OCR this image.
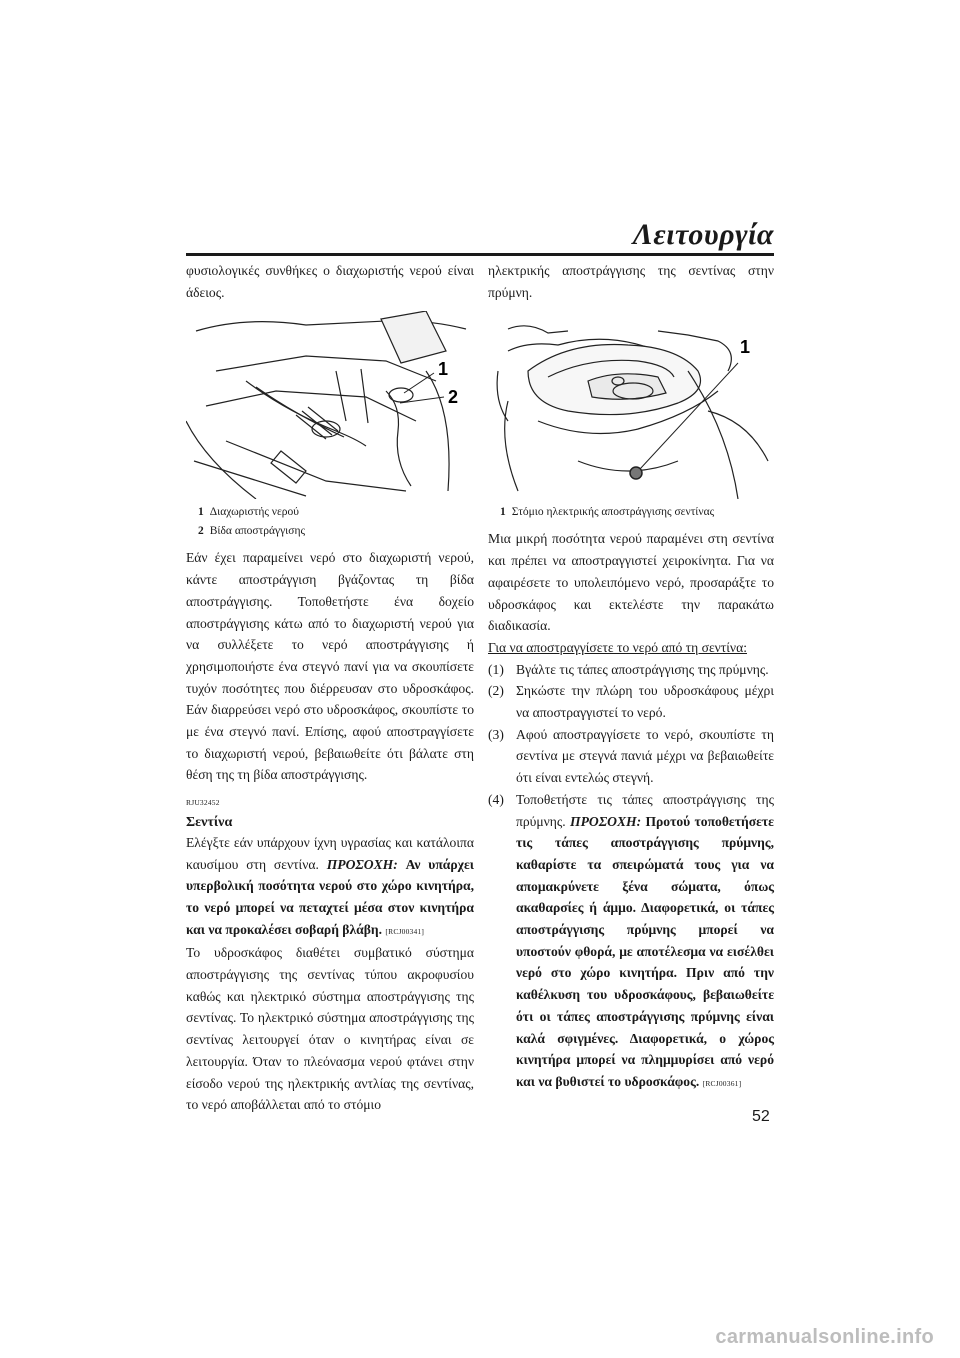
Λειτουργία

φυσιολογικές συνθήκες ο διαχωριστής νερού είναι άδειος.

1
2
1 Διαχωριστής νερού
2 Βίδα αποστράγγισης

Εάν έχει παραμείνει νερό στο διαχωριστή νερού, κάντε αποστράγγιση βγάζοντας τη βίδα αποστράγγισης. Τοποθετήστε ένα δοχείο αποστράγγισης κάτω από το διαχωριστή νερού για να συλλέξετε το νερό αποστράγγισης ή χρησιμοποιήστε ένα στεγνό πανί για να σκουπίσετε τυχόν ποσότητες που διέρρευσαν στο υδροσκάφος. Εάν διαρρεύσει νερό στο υδροσκάφος, σκουπίστε το με ένα στεγνό πανί. Επίσης, αφού αποστραγγίσετε το διαχωριστή νερού, βεβαιωθείτε ότι βάλατε στη θέση της τη βίδα αποστράγγισης.

RJU32452

Σεντίνα

Ελέγξτε εάν υπάρχουν ίχνη υγρασίας και κατάλοιπα καυσίμου στη σεντίνα. ΠΡΟΣΟΧΗ: Αν υπάρχει υπερβολική ποσότητα νερού στο χώρο κινητήρα, το νερό μπορεί να πεταχτεί μέσα στον κινητήρα και να προκαλέσει σοβαρή βλάβη. [RCJ00341]

Το υδροσκάφος διαθέτει συμβατικό σύστημα αποστράγγισης της σεντίνας τύπου ακροφυσίου καθώς και ηλεκτρικό σύστημα αποστράγγισης της σεντίνας. Το ηλεκτρικό σύστημα αποστράγγισης της σεντίνας λειτουργεί όταν ο κινητήρας είναι σε λειτουργία. Όταν το πλεόνασμα νερού φτάνει στην είσοδο νερού της ηλεκτρικής αντλίας της σεντίνας, το νερό αποβάλλεται από το στόμιο

ηλεκτρικής αποστράγγισης της σεντίνας στην πρύμνη.

1
1 Στόμιο ηλεκτρικής αποστράγγισης σεντίνας

Μια μικρή ποσότητα νερού παραμένει στη σεντίνα και πρέπει να αποστραγγιστεί χειροκίνητα. Για να αφαιρέσετε το υπολειπόμενο νερό, προσαράξτε το υδροσκάφος και εκτελέστε την παρακάτω διαδικασία.

Για να αποστραγγίσετε το νερό από τη σεντίνα:

(1) Βγάλτε τις τάπες αποστράγγισης της πρύμνης.
(2) Σηκώστε την πλώρη του υδροσκάφους μέχρι να αποστραγγιστεί το νερό.
(3) Αφού αποστραγγίσετε το νερό, σκουπίστε τη σεντίνα με στεγνά πανιά μέχρι να βεβαιωθείτε ότι είναι εντελώς στεγνή.
(4) Τοποθετήστε τις τάπες αποστράγγισης της πρύμνης. ΠΡΟΣΟΧΗ: Προτού τοποθετήσετε τις τάπες αποστράγγισης πρύμνης, καθαρίστε τα σπειρώματά τους για να απομακρύνετε ξένα σώματα, όπως ακαθαρσίες ή άμμο. Διαφορετικά, οι τάπες αποστράγγισης πρύμνης μπορεί να υποστούν φθορά, με αποτέλεσμα να εισέλθει νερό στο χώρο κινητήρα. Πριν από την καθέλκυση του υδροσκάφους, βεβαιωθείτε ότι οι τάπες αποστράγγισης πρύμνης είναι καλά σφιγμένες. Διαφορετικά, ο χώρος κινητήρα μπορεί να πλημμυρίσει από νερό και να βυθιστεί το υδροσκάφος. [RCJ00361]
52
carmanualsonline.info
